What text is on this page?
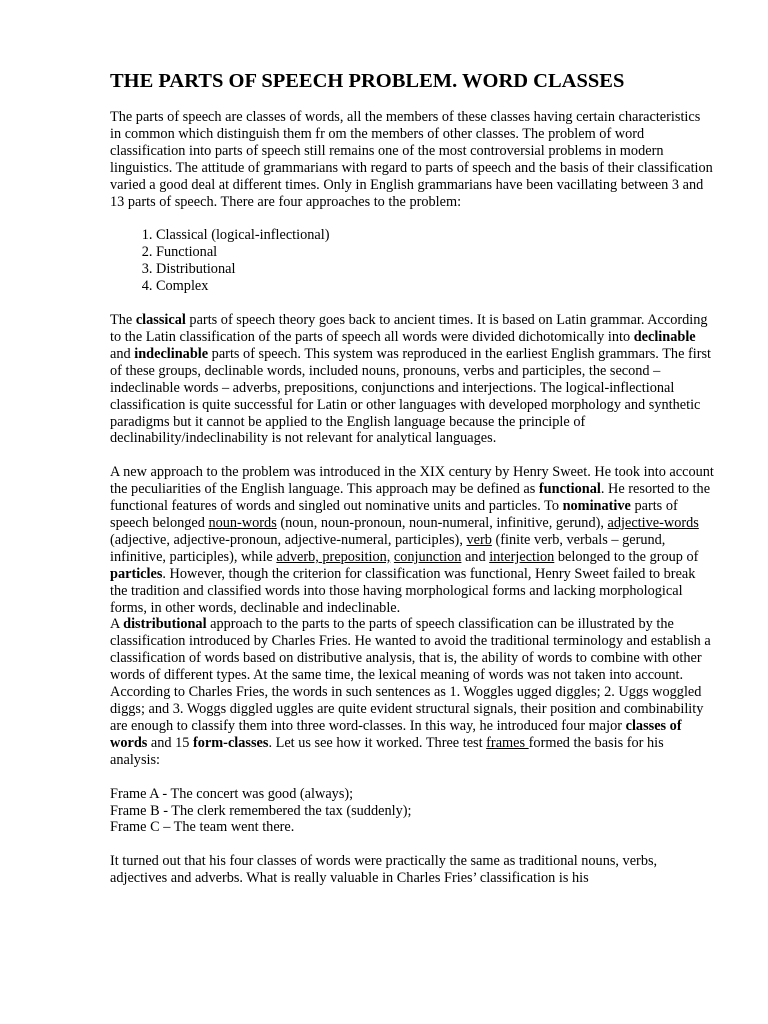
THE PARTS OF SPEECH PROBLEM. WORD CLASSES

The parts of speech are classes of words, all the members of these classes having certain characteristics in common which distinguish them fr om the members of other classes. The problem of word classification into parts of speech still remains one of the most controversial problems in modern linguistics. The attitude of grammarians with regard to parts of speech and the basis of their classification varied a good deal at different times. Only in English grammarians have been vacillating between 3 and 13 parts of speech. There are four approaches to the problem:

1. Classical (logical-inflectional)
2. Functional
3. Distributional
4. Complex

The classical parts of speech theory goes back to ancient times. It is based on Latin grammar. According to the Latin classification of the parts of speech all words were divided dichotomically into declinable and indeclinable parts of speech. This system was reproduced in the earliest English grammars. The first of these groups, declinable words, included nouns, pronouns, verbs and participles, the second – indeclinable words – adverbs, prepositions, conjunctions and interjections. The logical-inflectional classification is quite successful for Latin or other languages with developed morphology and synthetic paradigms but it cannot be applied to the English language because the principle of declinability/indeclinability is not relevant for analytical languages.

A new approach to the problem was introduced in the XIX century by Henry Sweet. He took into account the peculiarities of the English language. This approach may be defined as functional. He resorted to the functional features of words and singled out nominative units and particles. To nominative parts of speech belonged noun-words (noun, noun-pronoun, noun-numeral, infinitive, gerund), adjective-words (adjective, adjective-pronoun, adjective-numeral, participles), verb (finite verb, verbals – gerund, infinitive, participles), while adverb, preposition, conjunction and interjection belonged to the group of particles. However, though the criterion for classification was functional, Henry Sweet failed to break the tradition and classified words into those having morphological forms and lacking morphological forms, in other words, declinable and indeclinable.

A distributional approach to the parts to the parts of speech classification can be illustrated by the classification introduced by Charles Fries. He wanted to avoid the traditional terminology and establish a classification of words based on distributive analysis, that is, the ability of words to combine with other words of different types. At the same time, the lexical meaning of words was not taken into account. According to Charles Fries, the words in such sentences as 1. Woggles ugged diggles; 2. Uggs woggled diggs; and 3. Woggs diggled uggles are quite evident structural signals, their position and combinability are enough to classify them into three word-classes. In this way, he introduced four major classes of words and 15 form-classes. Let us see how it worked. Three test frames formed the basis for his analysis:

Frame A - The concert was good (always);

Frame B - The clerk remembered the tax (suddenly);

Frame C – The team went there.

It turned out that his four classes of words were practically the same as traditional nouns, verbs, adjectives and adverbs. What is really valuable in Charles Fries’ classification is his
